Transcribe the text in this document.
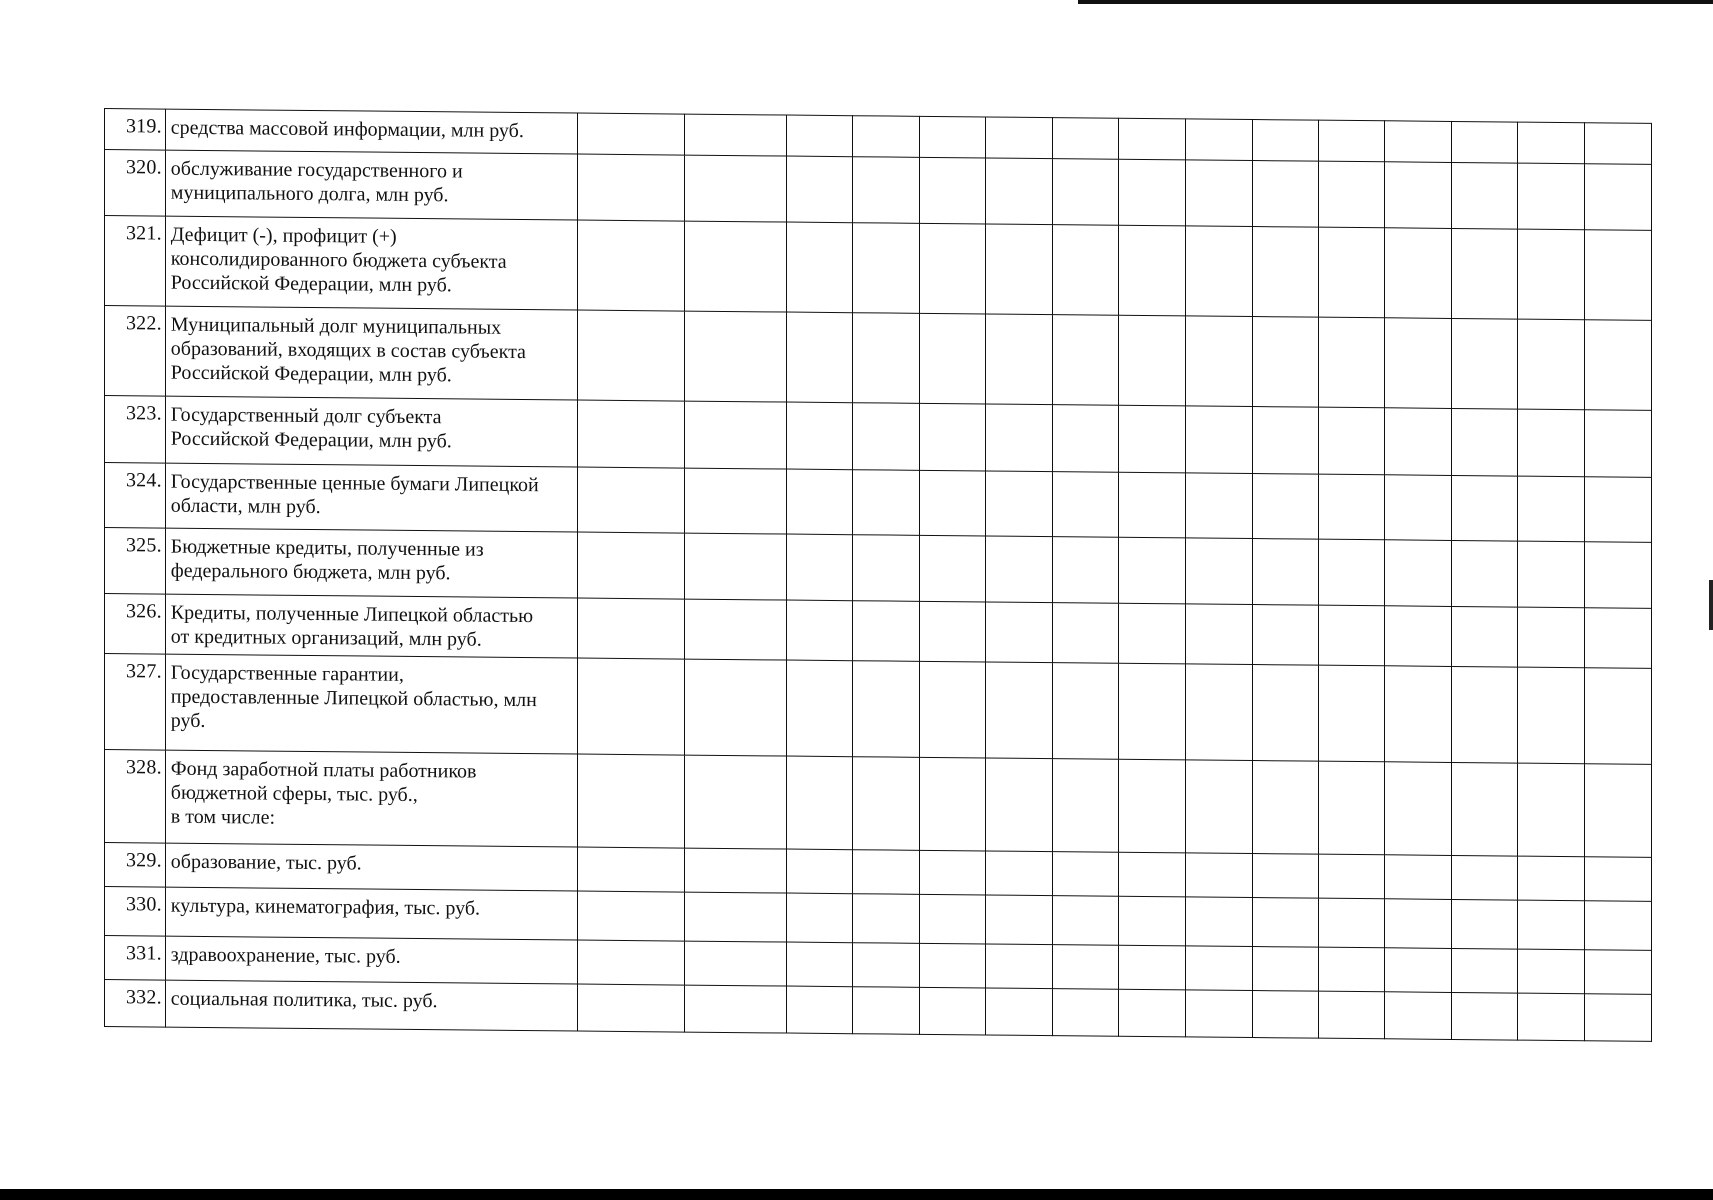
319.	средства массовой информации, млн руб.															

320.	обслуживание государственного и
муниципального долга, млн руб.															

321.	Дефицит (-), профицит (+)
консолидированного бюджета субъекта
Российской Федерации, млн руб.															

322.	Муниципальный долг муниципальных
образований, входящих в состав субъекта
Российской Федерации, млн руб.															

323.	Государственный долг субъекта
Российской Федерации, млн руб.															

324.	Государственные ценные бумаги Липецкой
области, млн руб.															

325.	Бюджетные кредиты, полученные из
федерального бюджета, млн руб.															

326.	Кредиты, полученные Липецкой областью
от кредитных организаций, млн руб.															

327.	Государственные гарантии,
предоставленные Липецкой областью, млн
руб.															

328.	Фонд заработной платы работников
бюджетной сферы, тыс. руб.,
в том числе:															

329.	образование, тыс. руб.															

330.	культура, кинематография, тыс. руб.															

331.	здравоохранение, тыс. руб.															

332.	социальная политика, тыс. руб.															
